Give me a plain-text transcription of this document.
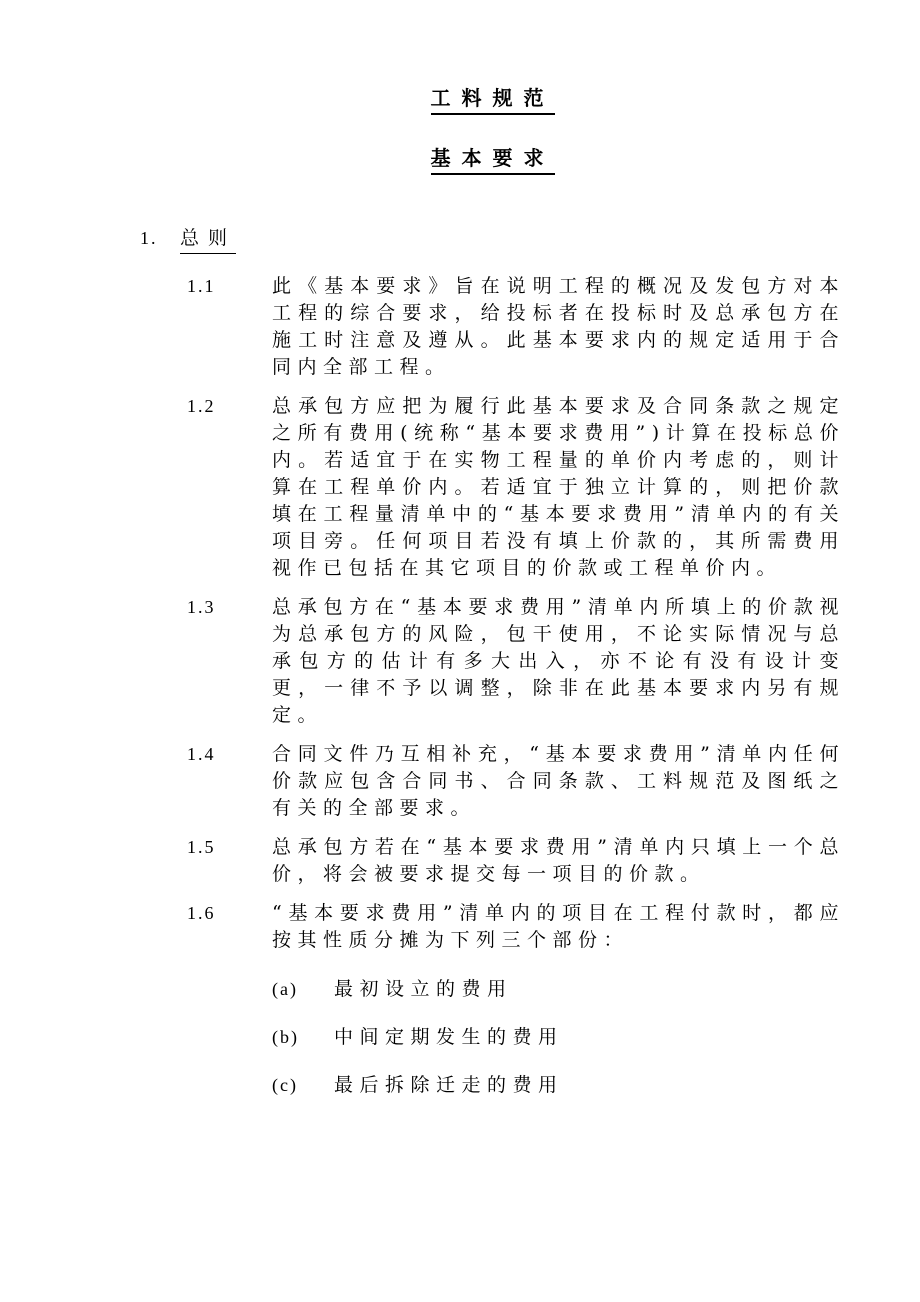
工料规范
基本要求
1.	总则
1.1	此《基本要求》旨在说明工程的概况及发包方对本工程的综合要求，给投标者在投标时及总承包方在施工时注意及遵从。此基本要求内的规定适用于合同内全部工程。
1.2	总承包方应把为履行此基本要求及合同条款之规定之所有费用(统称“基本要求费用”)计算在投标总价内。若适宜于在实物工程量的单价内考虑的，则计算在工程单价内。若适宜于独立计算的，则把价款填在工程量清单中的“基本要求费用”清单内的有关项目旁。任何项目若没有填上价款的，其所需费用视作已包括在其它项目的价款或工程单价内。
1.3	总承包方在“基本要求费用”清单内所填上的价款视为总承包方的风险，包干使用，不论实际情况与总承包方的估计有多大出入，亦不论有没有设计变更，一律不予以调整，除非在此基本要求内另有规定。
1.4	合同文件乃互相补充，“基本要求费用”清单内任何价款应包含合同书、合同条款、工料规范及图纸之有关的全部要求。
1.5	总承包方若在“基本要求费用”清单内只填上一个总价，将会被要求提交每一项目的价款。
1.6	“基本要求费用”清单内的项目在工程付款时，都应按其性质分摊为下列三个部份：
(a)	最初设立的费用
(b)	中间定期发生的费用
(c)	最后拆除迁走的费用
